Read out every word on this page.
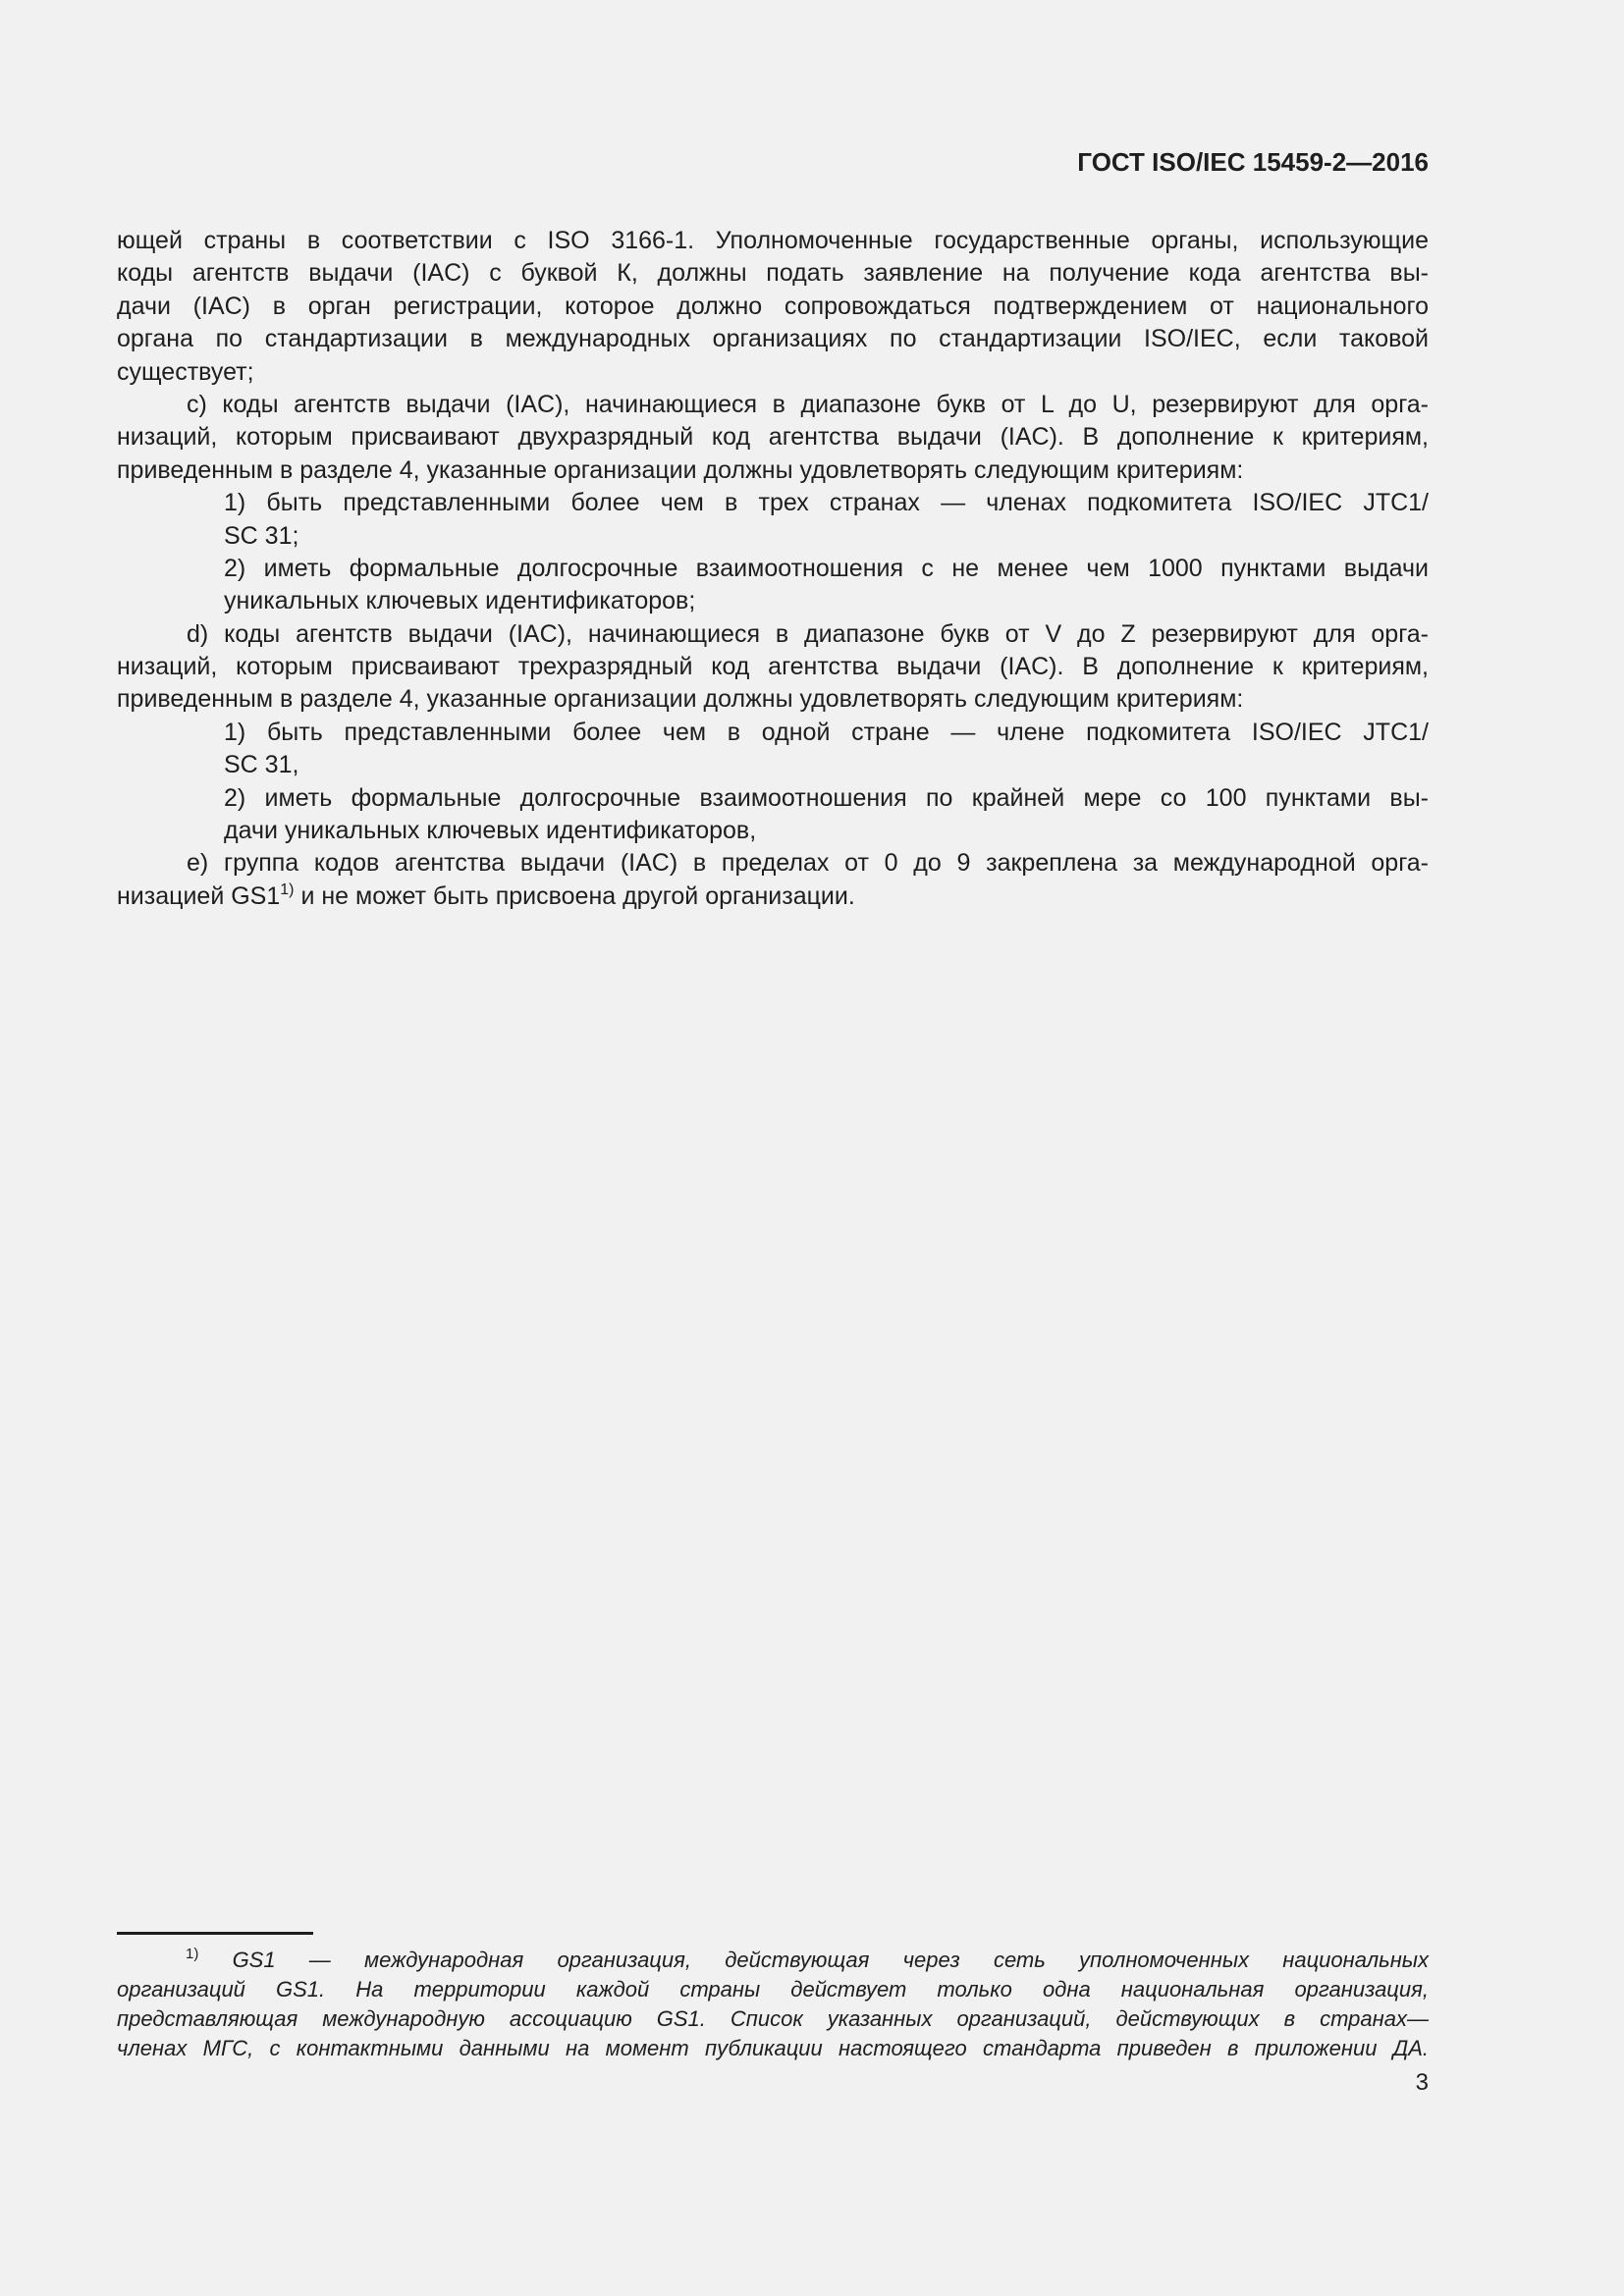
ГОСТ ISO/IEC 15459-2—2016
ющей страны в соответствии с ISO 3166-1. Уполномоченные государственные органы, использующие
коды агентств выдачи (IAC) с буквой К, должны подать заявление на получение кода агентства вы-
дачи (IAC) в орган регистрации, которое должно сопровождаться подтверждением от национального
органа по стандартизации в международных организациях по стандартизации ISO/IEC, если таковой
существует;
с) коды агентств выдачи (IAC), начинающиеся в диапазоне букв от L до U, резервируют для орга-
низаций, которым присваивают двухразрядный код агентства выдачи (IAC). В дополнение к критериям,
приведенным в разделе 4, указанные организации должны удовлетворять следующим критериям:
1) быть представленными более чем в трех странах — членах подкомитета ISO/IEC JTC1/
SC 31;
2) иметь формальные долгосрочные взаимоотношения с не менее чем 1000 пунктами выдачи
уникальных ключевых идентификаторов;
d) коды агентств выдачи (IAC), начинающиеся в диапазоне букв от V до Z резервируют для орга-
низаций, которым присваивают трехразрядный код агентства выдачи (IAC). В дополнение к критериям,
приведенным в разделе 4, указанные организации должны удовлетворять следующим критериям:
1) быть представленными более чем в одной стране — члене подкомитета ISO/IEC JTC1/
SC 31,
2) иметь формальные долгосрочные взаимоотношения по крайней мере со 100 пунктами вы-
дачи уникальных ключевых идентификаторов,
е) группа кодов агентства выдачи (IAC) в пределах от 0 до 9 закреплена за международной орга-
низацией GS1$^{1)}$ и не может быть присвоена другой организации.
$^{1)}$ GS1 — международная организация, действующая через сеть уполномоченных национальных
организаций GS1. На территории каждой страны действует только одна национальная организация,
представляющая международную ассоциацию GS1. Список указанных организаций, действующих в странах—
членах МГС, с контактными данными на момент публикации настоящего стандарта приведен в приложении ДА.
3
